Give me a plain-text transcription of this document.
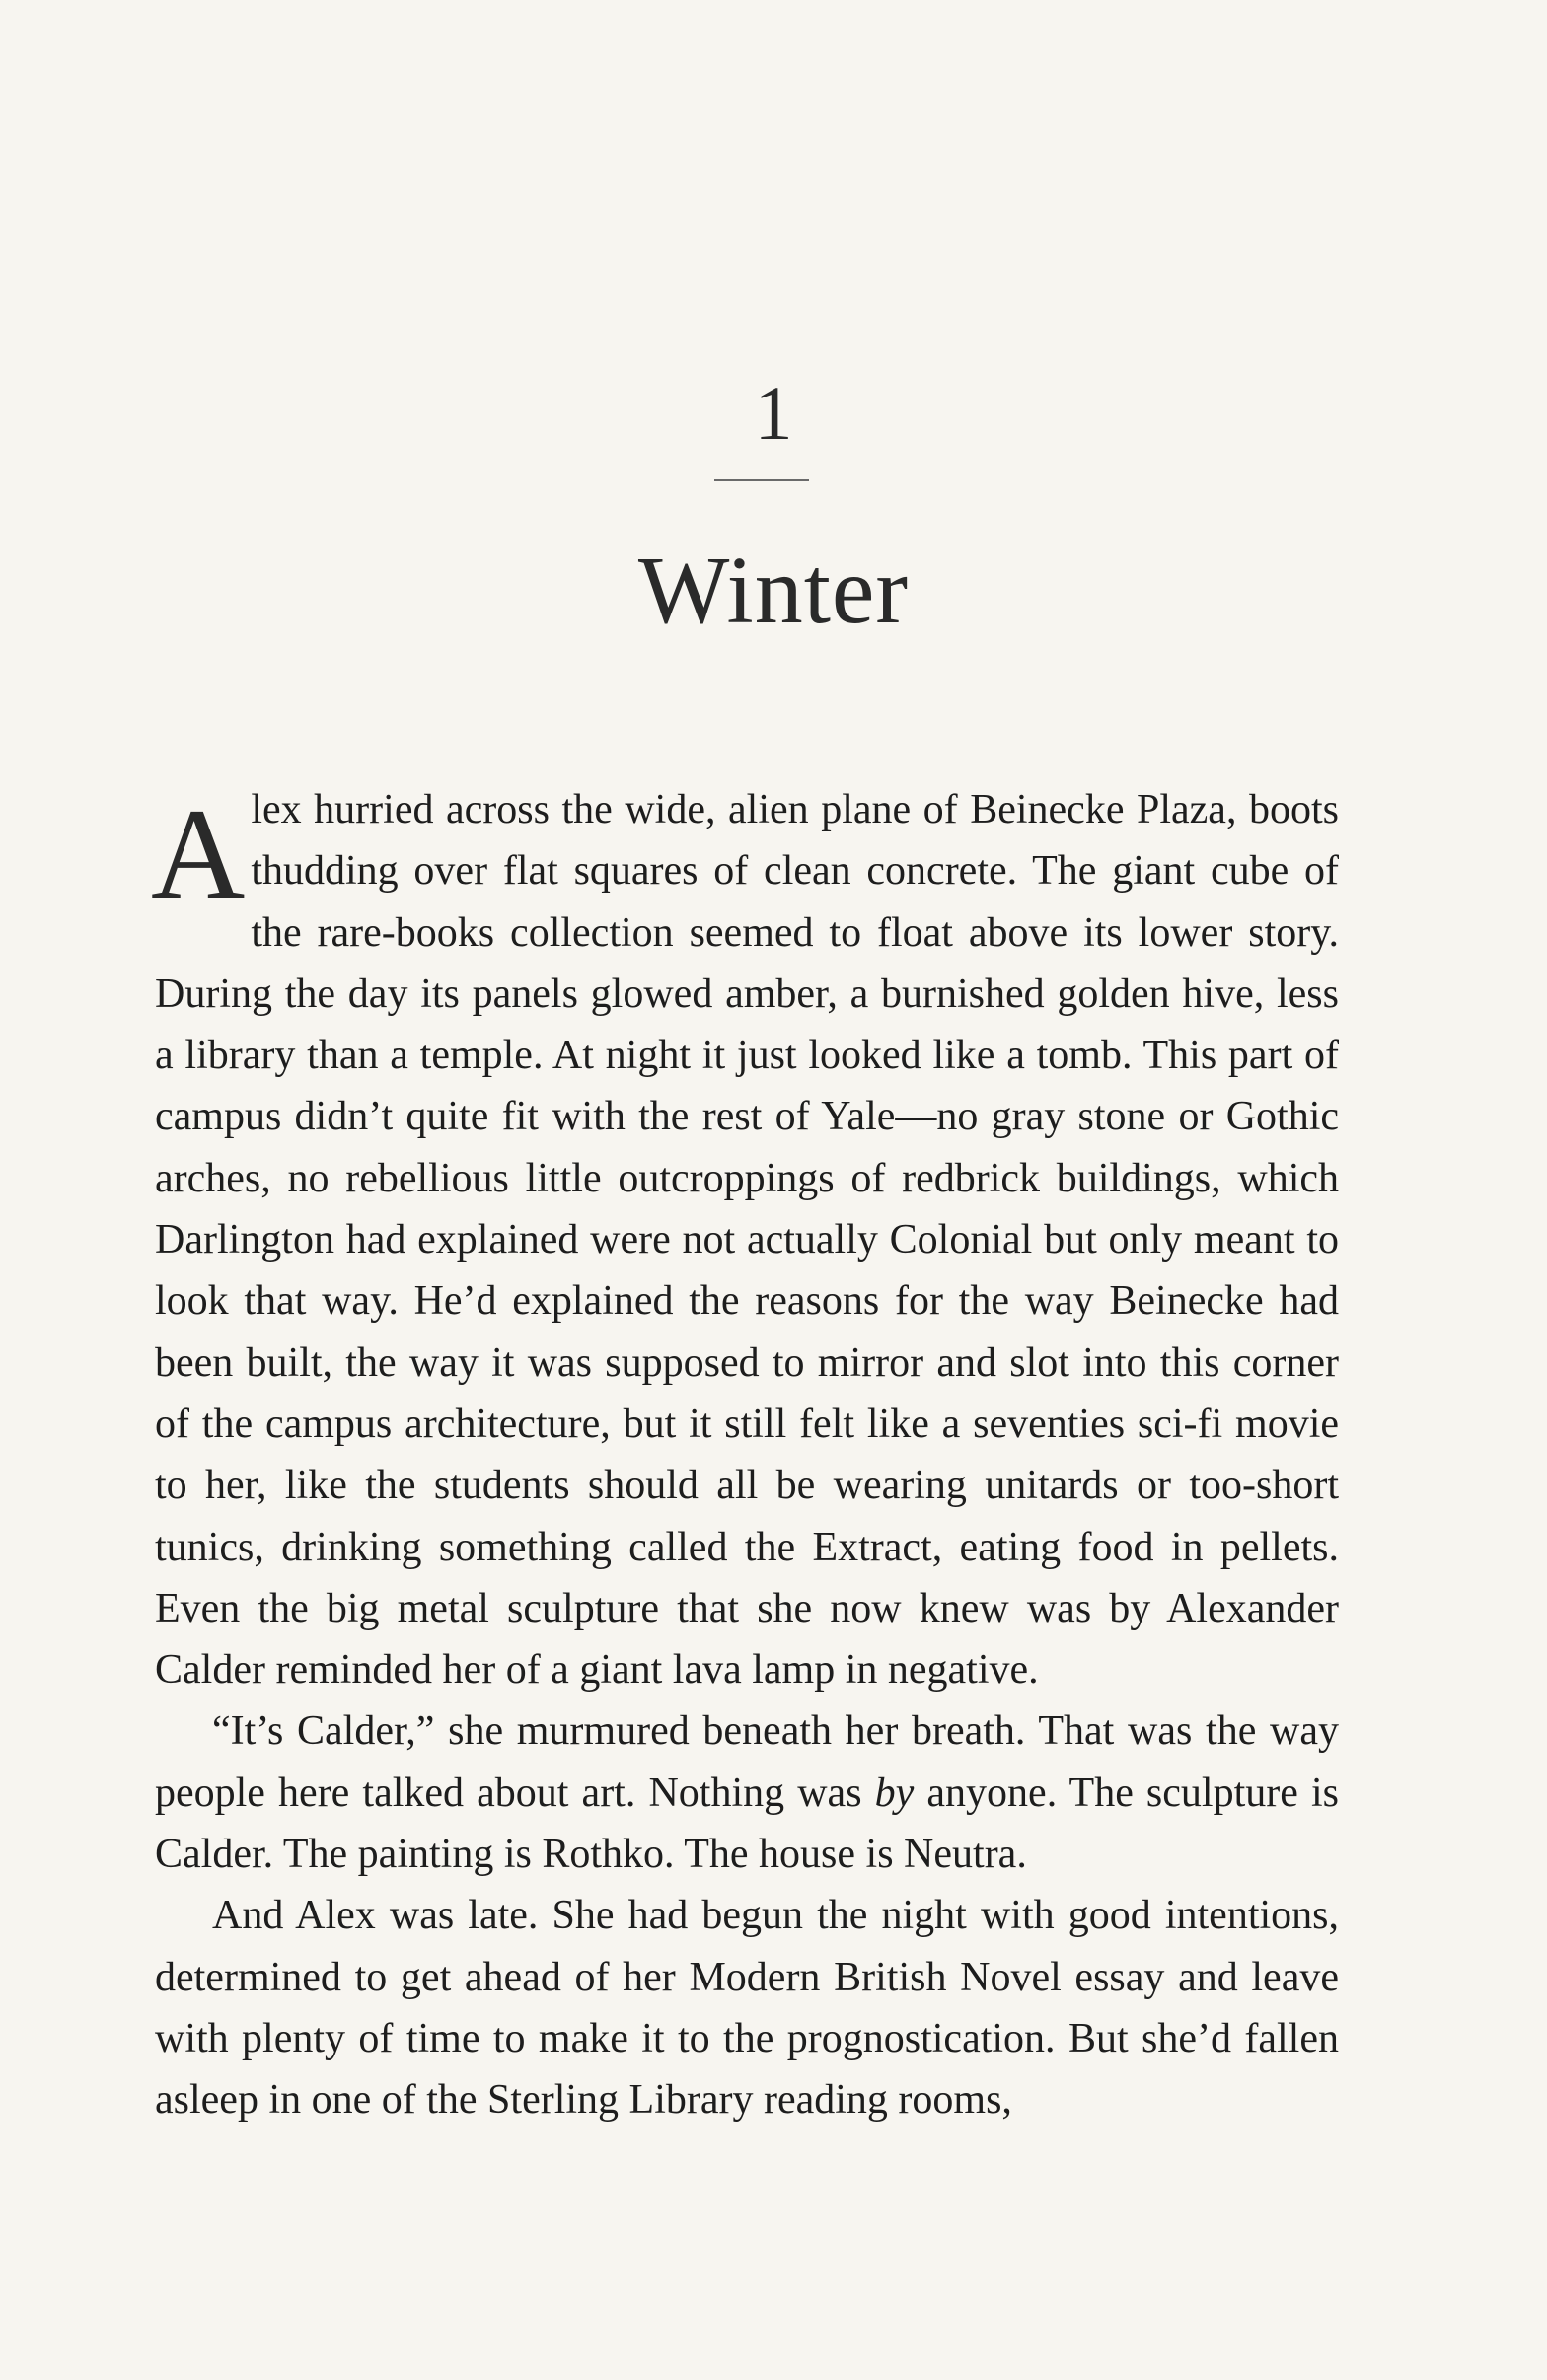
1
Winter

Alex hurried across the wide, alien plane of Beinecke Plaza, boots thudding over flat squares of clean concrete. The giant cube of the rare-books collection seemed to float above its lower story. During the day its panels glowed amber, a burnished golden hive, less a library than a temple. At night it just looked like a tomb. This part of campus didn’t quite fit with the rest of Yale—no gray stone or Gothic arches, no rebellious little outcroppings of redbrick buildings, which Darlington had explained were not actually Colonial but only meant to look that way. He’d explained the reasons for the way Beinecke had been built, the way it was supposed to mirror and slot into this corner of the campus architecture, but it still felt like a seventies sci-fi movie to her, like the students should all be wearing unitards or too-short tunics, drinking something called the Extract, eating food in pellets. Even the big metal sculpture that she now knew was by Alexander Calder reminded her of a giant lava lamp in negative.

“It’s Calder,” she murmured beneath her breath. That was the way people here talked about art. Nothing was by anyone. The sculpture is Calder. The painting is Rothko. The house is Neutra.

And Alex was late. She had begun the night with good intentions, determined to get ahead of her Modern British Novel essay and leave with plenty of time to make it to the prognostication. But she’d fallen asleep in one of the Sterling Library reading rooms,
